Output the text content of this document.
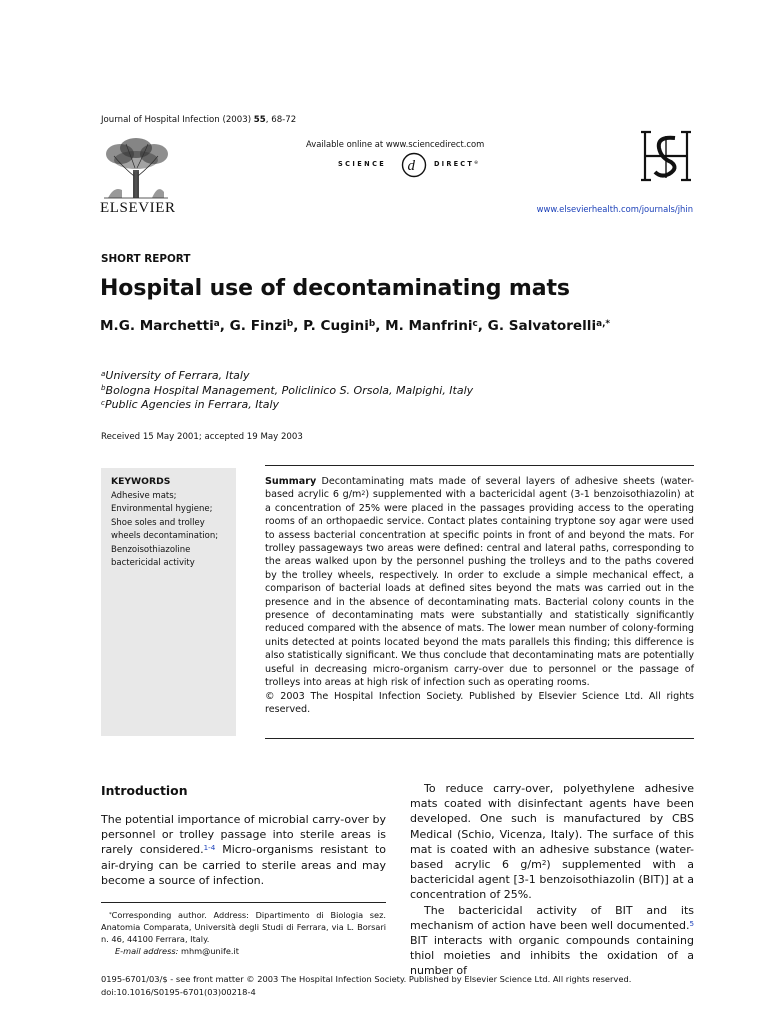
Journal of Hospital Infection (2003) 55, 68-72
Available online at www.sciencedirect.com
SCIENCE d	DIRECT®
ELSEVIER	www.elsevierhealth.com/journals/jhin
SHORT REPORT
Hospital use of decontaminating mats
M.G. Marchetti$^a$, G. Finzi$^b$, P. Cugini$^b$, M. Manfrini$^c$, G. Salvatorelli$^{a,*}$
$^a$University of Ferrara, Italy
$^b$Bologna Hospital Management, Policlinico S. Orsola, Malpighi, Italy
$^c$Public Agencies in Ferrara, Italy
Received 15 May 2001; accepted 19 May 2003
KEYWORDS
Adhesive mats;
Environmental hygiene;
Shoe soles and trolley
wheels decontamination;
Benzoisothiazoline
bactericidal activity
Summary Decontaminating mats made of several layers of adhesive sheets (water-based acrylic 6 $g/m^2$) supplemented with a bactericidal agent (3-1 benzoisothiazolin) at a concentration of 25% were placed in the passages providing access to the operating rooms of an orthopaedic service. Contact plates containing tryptone soy agar were used to assess bacterial concentration at specific points in front of and beyond the mats. For trolley passageways two areas were defined: central and lateral paths, corresponding to the areas walked upon by the personnel pushing the trolleys and to the paths covered by the trolley wheels, respectively. In order to exclude a simple mechanical effect, a comparison of bacterial loads at defined sites beyond the mats was carried out in the presence and in the absence of decontaminating mats. Bacterial colony counts in the presence of decontaminating mats were substantially and statistically significantly reduced compared with the absence of mats. The lower mean number of colony-forming units detected at points located beyond the mats parallels this finding; this difference is also statistically significant. We thus conclude that decontaminating mats are potentially useful in decreasing micro-organism carry-over due to personnel or the passage of trolleys into areas at high risk of infection such as operating rooms.
© 2003 The Hospital Infection Society. Published by Elsevier Science Ltd. All rights reserved.
Introduction
The potential importance of microbial carry-over by personnel or trolley passage into sterile areas is rarely considered.$^{1-4}$ Micro-organisms resistant to air-drying can be carried to sterile areas and may become a source of infection.

To reduce carry-over, polyethylene adhesive mats coated with disinfectant agents have been developed. One such is manufactured by CBS Medical (Schio, Vicenza, Italy). The surface of this mat is coated with an adhesive substance (water-based acrylic 6 $g/m^2$) supplemented with a bactericidal agent [3-1 benzoisothiazolin (BIT)] at a concentration of 25%.

The bactericidal activity of BIT and its mechanism of action have been well documented.$^5$ BIT interacts with organic compounds containing thiol moieties and inhibits the oxidation of a number of

*Corresponding author. Address: Dipartimento di Biologia sez. Anatomia Comparata, Università degli Studi di Ferrara, via L. Borsari n. 46, 44100 Ferrara, Italy.
E-mail address: mhm@unife.it
0195-6701/03/$ - see front matter © 2003 The Hospital Infection Society. Published by Elsevier Science Ltd. All rights reserved.
doi:10.1016/S0195-6701(03)00218-4
